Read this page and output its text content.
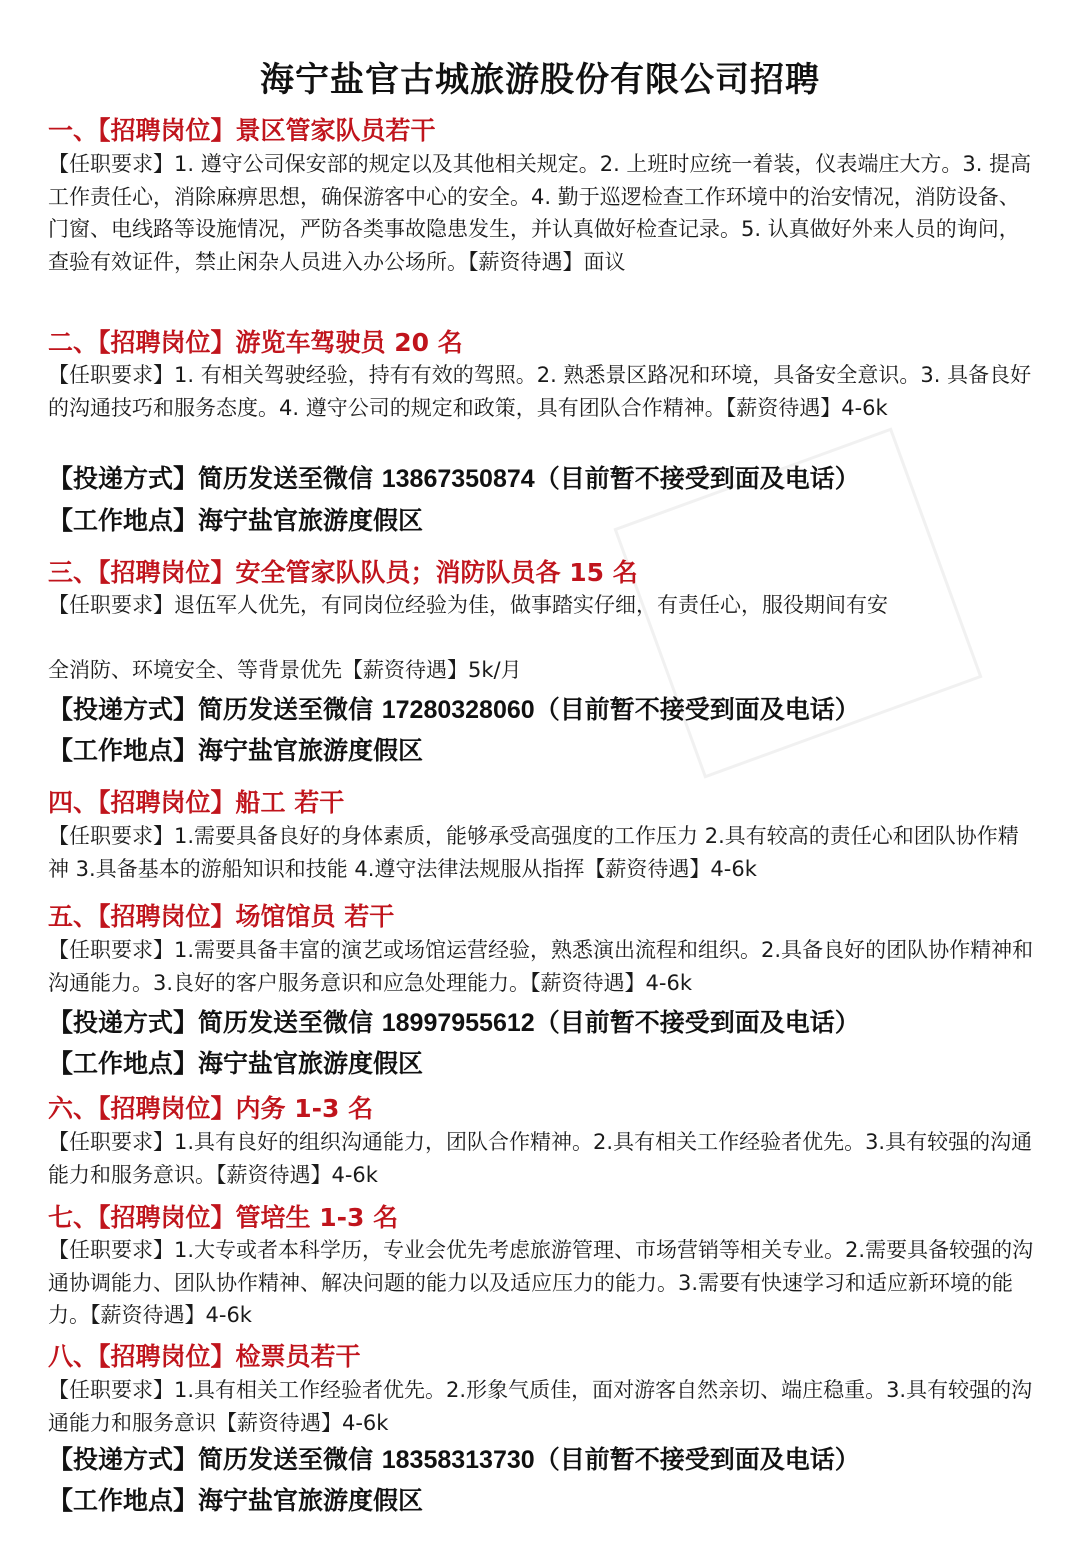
海宁盐官古城旅游股份有限公司招聘
一、【招聘岗位】景区管家队员若干
【任职要求】1. 遵守公司保安部的规定以及其他相关规定。2. 上班时应统一着装，仪表端庄大方。3. 提高工作责任心，消除麻痹思想，确保游客中心的安全。4. 勤于巡逻检查工作环境中的治安情况，消防设备、门窗、电线路等设施情况，严防各类事故隐患发生，并认真做好检查记录。5. 认真做好外来人员的询问，查验有效证件，禁止闲杂人员进入办公场所。【薪资待遇】面议
二、【招聘岗位】游览车驾驶员 20 名
【任职要求】1. 有相关驾驶经验，持有有效的驾照。2. 熟悉景区路况和环境，具备安全意识。3. 具备良好的沟通技巧和服务态度。4. 遵守公司的规定和政策，具有团队合作精神。【薪资待遇】4-6k
【投递方式】简历发送至微信 13867350874（目前暂不接受到面及电话）
【工作地点】海宁盐官旅游度假区
三、【招聘岗位】安全管家队队员；消防队员各 15 名
【任职要求】退伍军人优先，有同岗位经验为佳，做事踏实仔细，有责任心，服役期间有安
全消防、环境安全、等背景优先【薪资待遇】5k/月
【投递方式】简历发送至微信 17280328060（目前暂不接受到面及电话）
【工作地点】海宁盐官旅游度假区
四、【招聘岗位】船工 若干
【任职要求】1.需要具备良好的身体素质，能够承受高强度的工作压力 2.具有较高的责任心和团队协作精神 3.具备基本的游船知识和技能 4.遵守法律法规服从指挥【薪资待遇】4-6k
五、【招聘岗位】场馆馆员 若干
【任职要求】1.需要具备丰富的演艺或场馆运营经验，熟悉演出流程和组织。2.具备良好的团队协作精神和沟通能力。3.良好的客户服务意识和应急处理能力。【薪资待遇】4-6k
【投递方式】简历发送至微信 18997955612（目前暂不接受到面及电话）
【工作地点】海宁盐官旅游度假区
六、【招聘岗位】内务 1-3 名
【任职要求】1.具有良好的组织沟通能力，团队合作精神。2.具有相关工作经验者优先。3.具有较强的沟通能力和服务意识。【薪资待遇】4-6k
七、【招聘岗位】管培生 1-3 名
【任职要求】1.大专或者本科学历，专业会优先考虑旅游管理、市场营销等相关专业。2.需要具备较强的沟通协调能力、团队协作精神、解决问题的能力以及适应压力的能力。3.需要有快速学习和适应新环境的能力。【薪资待遇】4-6k
八、【招聘岗位】检票员若干
【任职要求】1.具有相关工作经验者优先。2.形象气质佳，面对游客自然亲切、端庄稳重。3.具有较强的沟通能力和服务意识【薪资待遇】4-6k
【投递方式】简历发送至微信 18358313730（目前暂不接受到面及电话）
【工作地点】海宁盐官旅游度假区
